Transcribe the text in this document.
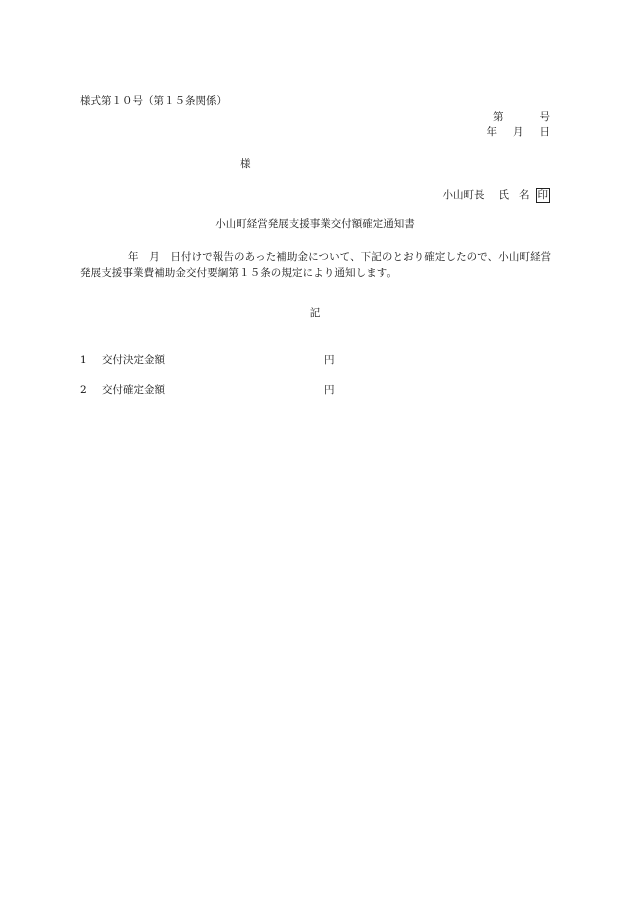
様式第１０号（第１５条関係）
第	号
年 月 日
様
小山町長 氏 名 印
小山町経営発展支援事業交付額確定通知書
年　月　日付けで報告のあった補助金について、下記のとおり確定したので、小山町経営発展支援事業費補助金交付要綱第１５条の規定により通知します。
記
1 交付決定金額	円
2 交付確定金額	円
